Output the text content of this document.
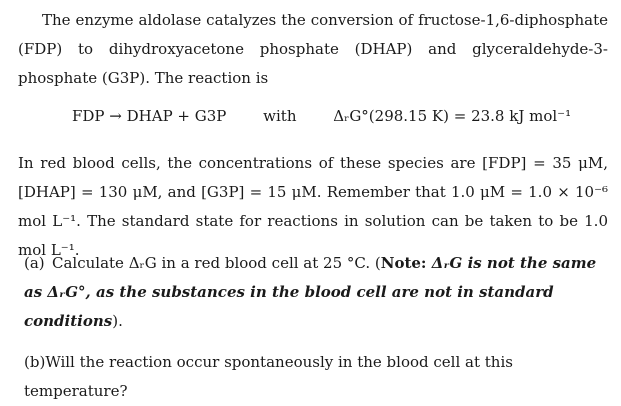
The enzyme aldolase catalyzes the conversion of fructose-1,6-diphosphate (FDP) to dihydroxyacetone phosphate (DHAP) and glyceraldehyde-3-phosphate (G3P). The reaction is
FDP → DHAP + G3P with ΔᵣG°(298.15 K) = 23.8 kJ mol⁻¹
In red blood cells, the concentrations of these species are [FDP] = 35 μM, [DHAP] = 130 μM, and [G3P] = 15 μM. Remember that 1.0 μM = 1.0 × 10⁻⁶ mol L⁻¹. The standard state for reactions in solution can be taken to be 1.0 mol L⁻¹.
(a) Calculate ΔᵣG in a red blood cell at 25 °C. (Note: ΔᵣG is not the same as ΔᵣG°, as the substances in the blood cell are not in standard conditions).
(b)Will the reaction occur spontaneously in the blood cell at this temperature?
